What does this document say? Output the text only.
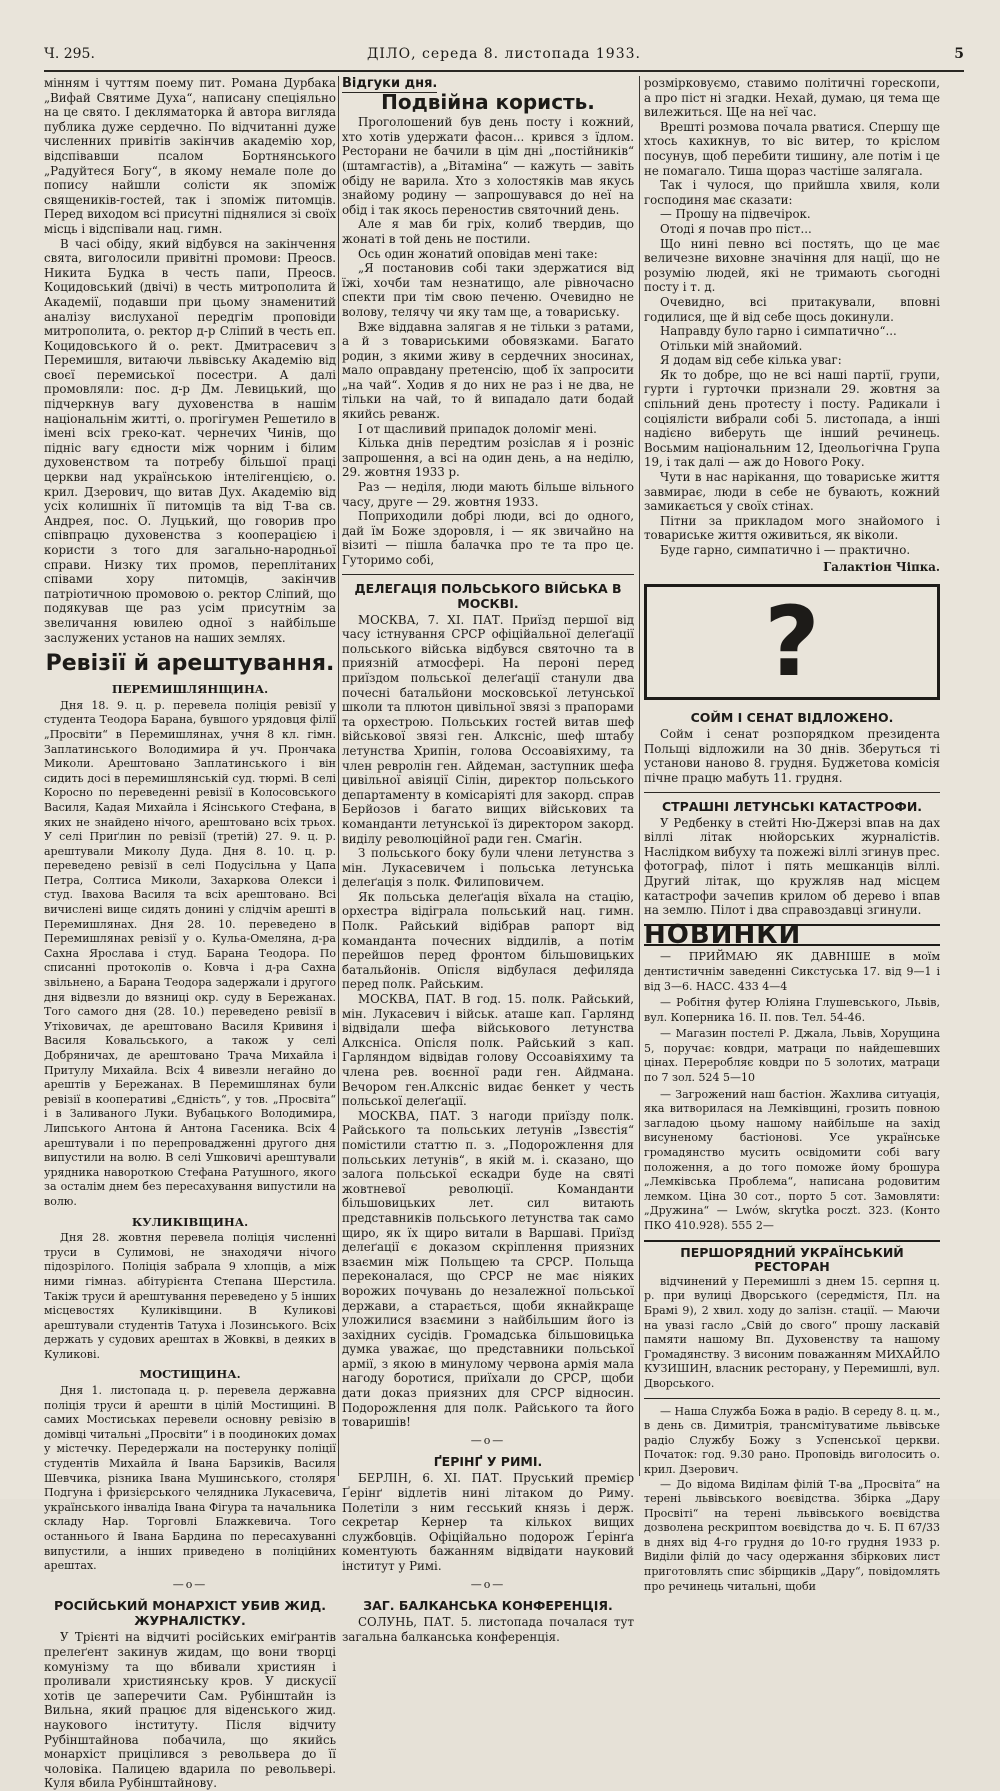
Ч. 295.	ДІЛО, середа 8. листопада 1933.	5

мінням і чуттям поему пит. Романа Дурбака „Вифай Святиме Духа“, написану спеціяльно на це свято. І декляматорка й автора вигляда публика дуже сердечно. По відчитанні дуже численних привітів закінчив академію хор, відспівавши псалом Бортнянського „Радуйтеся Богу“, в якому немале поле до попису найшли солісти як зпоміж священиків-гостей, так і зпоміж питомців. Перед виходом всі присутні піднялися зі своїх місць і відспівали нац. гимн.

В часі обіду, який відбувся на закінчення свята, виголосили привітні промови: Преосв. Никита Будка в честь папи, Преосв. Коцидовський (двічі) в честь митрополита й Академії, подавши при цьому знаменитий аналізу вислуханої передгім проповіди митрополита, о. ректор д-р Сліпий в честь еп. Коцидовського й о. рект. Дмитрасевич з Перемишля, витаючи львівську Академію від своєї перемиської посестри. А далі промовляли: пос. д-р Дм. Левицький, що підчеркнув вагу духовенства в нашім національнім житті, о. прогігумен Решетило в імені всіх греко-кат. чернечих Чинів, що підніс вагу єдности між чорним і білим духовенством та потребу більшої праці церкви над українською інтелігенцією, о. крил. Дзерович, що витав Дух. Академію від усіх колишніх її питомців та від Т-ва св. Андрея, пос. О. Луцький, що говорив про співпрацю духовенства з кооперацією і користи з того для загально-народньої справи. Низку тих промов, переплітаних співами хору питомців, закінчив патріотичною промовою о. ректор Сліпий, що подякував ще раз усім присутнім за звеличання ювилею одної з найбільше заслужених установ на наших землях.

Ревізії й арештування.
ПЕРЕМИШЛЯНЩИНА.

Дня 18. 9. ц. р. перевела поліція ревізії у студента Теодора Барана, бувшого урядовця філії „Просвіти“ в Перемишлянах, учня 8 кл. гімн. Заплатинського Володимира й уч. Прончака Миколи. Арештовано Заплатинського і він сидить досі в перемишлянській суд. тюрмі. В селі Коросно по переведенні ревізії в Колосовського Василя, Кадая Михайла і Ясінського Стефана, в яких не знайдено нічого, арештовано всіх трьох. У селі Приґлин по ревізії (третій) 27. 9. ц. р. арештували Миколу Дуда. Дня 8. 10. ц. р. переведено ревізії в селі Подусільна у Цапа Петра, Солтиса Миколи, Захаркова Олекси і студ. Івахова Василя та всіх арештовано. Всі вичислені вище сидять донині у слідчім арешті в Перемишлянах. Дня 28. 10. переведено в Перемишлянах ревізії у о. Кульа-Омеляна, д-ра Сахна Ярослава і студ. Барана Теодора. По списанні протоколів о. Ковча і д-ра Сахна звільнено, а Барана Теодора задержали і другого дня відвезли до вязниці окр. суду в Бережанах. Того самого дня (28. 10.) переведено ревізії в Утіховичах, де арештовано Василя Кривиня і Василя Ковальського, а також у селі Добряничах, де арештовано Трача Михайла і Притулу Михайла. Всіх 4 вивезли негайно до арештів у Бережанах. В Перемишлянах були ревізії в кооперативі „Єдність“, у тов. „Просвіта“ і в Заливаного Луки. Вубацького Володимира, Липського Антона й Антона Гасеника. Всіх 4 арештували і по перепровадженні другого дня випустили на волю. В селі Ушковичі арештували урядника навороткою Стефана Ратушного, якого за осталім днем без пересахування випустили на волю.

КУЛИКІВЩИНА.

Дня 28. жовтня перевела поліція численні труси в Сулимові, не знаходячи нічого підозрілого. Поліція забрала 9 хлопців, а між ними гімназ. абітурієнта Степана Шерстила. Такіж труси й арештування переведено у 5 інших місцевостях Куликівщини. В Куликові арештували студентів Татуха і Лозинського. Всіх держать у судових арештах в Жовкві, в деяких в Куликові.

МОСТИЩИНА.

Дня 1. листопада ц. р. перевела державна поліція труси й арешти в цілій Мостищині. В самих Мостиськах перевели основну ревізію в домівці читальні „Просвіти“ і в поодиноких домах у містечку. Передержали на постерунку поліції студентів Михайла й Івана Барзиків, Василя Шевчика, різника Івана Мушинського, столяря Подгуна і фризієрського челядника Лукасевича, українського інваліда Івана Фігура та начальника складу Нар. Торговлі Блажкевича. Того останнього й Івана Бардина по пересахуванні випустили, а інших приведено в поліційних арештах.

—o—
РОСІЙСЬКИЙ МОНАРХІСТ УБИВ ЖИД. ЖУРНАЛІСТКУ.

У Трієнті на відчиті російських еміґрантів прелеґент закинув жидам, що вони творці комунізму та що вбивали християн і проливали християнську кров. У дискусії хотів це заперечити Сам. Рубінштайн із Вильна, який працює для віденського жид. наукового інституту. Після відчиту Рубінштайнова побачила, що якийсь монархіст прицілився з револьвера до її чоловіка. Палицею вдарила по револьвері. Куля вбила Рубінштайнову.

Відгуки дня.
Подвійна користь.

Проголошений був день посту і кожний, хто хотів удержати фасон... крився з їдлом. Ресторани не бачили в цім дні „постійників“ (штамгастів), а „Вітаміна“ — кажуть — завіть обіду не варила. Хто з холостяків мав якусь знайому родину — запрошувався до неї на обід і так якось переностив святочний день.

Але я мав би гріх, колиб твердив, що жонаті в той день не постили.

Ось один жонатий оповідав мені таке:

„Я постановив собі таки здержатися від їжі, хочби там незнатищо, але рівночасно спекти при тім свою печеню. Очевидно не волову, телячу чи яку там ще, а товариську.

Вже віддавна залягав я не тільки з ратами, а й з товариськими обовязками. Багато родин, з якими живу в сердечних зносинах, мало оправдану претенсію, щоб їх запросити „на чай“. Ходив я до них не раз і не два, не тільки на чай, то й випадало дати бодай якийсь реванж.

І от щасливий припадок доломіг мені.

Кілька днів передтим розіслав я і розніс запрошення, а всі на один день, а на неділю, 29. жовтня 1933 р.

Раз — неділя, люди мають більше вільного часу, друге — 29. жовтня 1933.

Поприходили добрі люди, всі до одного, дай їм Боже здоровля, і — як звичайно на візиті — пішла балачка про те та про це. Гуторимо собі,

ДЕЛЕГАЦІЯ ПОЛЬСЬКОГО ВІЙСЬКА В МОСКВІ.

МОСКВА, 7. XI. ПАТ. Приїзд першої від часу істнування СРСР офіційальної делеґації польського війська відбувся святочно та в приязній атмосфері. На пероні перед приїздом польської делеґації станули два почесні батальйони московської летунської школи та плютон цивільної звязі з прапорами та орхестрою. Польських гостей витав шеф військової звязі ген. Алкснiс, шеф штабу летунства Хрипін, голова Оссоавіяхиму, та член ревролін ген. Айдеман, заступник шефа цивільної авіяції Сілін, директор польського департаменту в комісаріяті для закорд. справ Берйозов і багато вищих військових та команданти летунської їз директором закорд. виділу революційної ради ген. Смаґін.

З польського боку були члени летунства з мін. Лукасевичем і польська летунська делеґація з полк. Филиповичем.

Як польська делеґація вїхала на стацію, орхестра відіграла польський нац. гимн. Полк. Райський відібрав рапорт від команданта почесних віддилів, а потім перейшов перед фронтом більшовицьких батальйонів. Опісля відбулася дефиляда перед полк. Райським.

МОСКВА, ПАТ. В год. 15. полк. Райський, мін. Лукасевич і військ. аташе кап. Гарлянд відвідали шефа військового летунства Алксніса. Опісля полк. Райський з кап. Гарляндом відвідав голову Оссоавіяхиму та члена рев. воєнної ради ген. Айдмана. Вечором ген.Алкснiс видає бенкет у честь польської делеґації.

МОСКВА, ПАТ. З нагоди приїзду полк. Райського та польських летунів „Ізвєстія“ помістили статтю п. з. „Подорожлення для польських летунів“, в якій м. і. сказано, що залога польської ескадри буде на святі жовтневої революції. Команданти більшовицьких лет. сил витають представників польського летунства так само щиро, як їх щиро витали в Варшаві. Приїзд делеґації є доказом скріплення приязних взаємин між Польщею та СРСР. Польща переконалася, що СРСР не має ніяких ворожих почувань до незалежної польської держави, а старається, щоби якнайкраще уложилися взаємини з найбільшим його із західних сусідів. Громадська більшовицька думка уважає, що представники польської армії, з якою в минулому червона армія мала нагоду боротися, приїхали до СРСР, щоби дати доказ приязних для СРСР відносин. Подорожлення для полк. Райського та його товаришів!

—o—
ҐЕРІНҐ У РИМІ.

БЕРЛІН, 6. XI. ПАТ. Пруський премієр Ґерінґ відлетів нині літаком до Риму. Полетіли з ним гесський князь і держ. секретар Кернер та кількох вищих службовців. Офіційально подорож Ґерінґа коментують бажанням відвідати науковий інститут у Римі.

—o—
ЗАГ. БАЛКАНСЬКА КОНФЕРЕНЦІЯ.

СОЛУНЬ, ПАТ. 5. листопада почалася тут загальна балканська конференція.

розмірковуємо, ставимо політичні горескопи, а про піст ні згадки. Нехай, думаю, ця тема ще вилежиться. Ще на неї час.

Врешті розмова почала рватися. Спершу ще хтось кахикнув, то віс витер, то кріслом посунув, щоб перебити тишину, але потім і це не помагало. Тиша щораз частіше залягала.

Так і чулося, що прийшла хвиля, коли господиня має сказати:

— Прошу на підвечірок.

Отоді я почав про піст...

Що нині певно всі постять, що це має величезне виховне значіння для нації, що не розумію людей, які не тримають сьогодні посту і т. д.

Очевидно, всі притакували, вповні годилися, ще й від себе щось докинули.

Направду було гарно і симпатично“...

Отільки мій знайомий.

Я додам від себе кілька уваг:

Як то добре, що не всі наші партії, групи, гурти і гурточки признали 29. жовтня за спільний день протесту і посту. Радикали і соціялісти вибрали собі 5. листопада, а інші надієно виберуть ще інший речинець. Восьмим національним 12, Ідеольогічна Група 19, і так далі — аж до Нового Року.

Чути в нас нарікання, що товариське життя завмирає, люди в себе не бувають, кожний замикається у своїх стінах.

Пітни за прикладом мого знайомого і товариське життя оживиться, як віколи.

Буде гарно, симпатично і — практично.

Галактіон Чіпка.
?
СОЙМ І СЕНАТ ВІДЛОЖЕНО.

Сойм і сенат розпорядком президента Польщі відложили на 30 днів. Зберуться ті установи наново 8. грудня. Буджетова комісія пічне працю мабуть 11. грудня.

СТРАШНІ ЛЕТУНСЬКІ КАТАСТРОФИ.

У Редбенку в стейті Ню-Джерзі впав на дах віллі літак нюйорських журналістів. Наслідком вибуху та пожежі віллі згинув прес. фотограф, пілот і пять мешканців віллі. Другий літак, що кружляв над місцем катастрофи зачепив крилом об дерево і впав на землю. Пілот і два справоздавці згинули.

НОВИНКИ

— ПРИЙМАЮ ЯК ДАВНІШЕ в моїм дентистичнім заведенні Сикстуська 17. від 9—1 і від 3—6. НАСС. 433 4—4

— Робітня футер Юліяна Глушевського, Львів, вул. Коперника 16. II. пов. Тел. 54-46.

— Магазин постелі Р. Джала, Львів, Хорущина 5, поручає: ковдри, матраци по найдешевших цінах. Переробляє ковдри по 5 золотих, матраци по 7 зол. 524 5—10

— Загрожений наш бастіон. Жахлива ситуація, яка витворилася на Лемківщині, грозить повною загладою цьому нашому найбільше на захід висуненому бастіонові. Усе українське громадянство мусить освідомити собі вагу положення, а до того поможе йому брошура „Лемківська Проблема“, написана родовитим лемком. Ціна 30 сот., порто 5 сот. Замовляти: „Дружина“ — Lwów, skrytka poczt. 323. (Конто ПКО 410.928). 555 2—

ПЕРШОРЯДНИЙ УКРАЇНСЬКИЙ РЕСТОРАН

відчинений у Перемишлі з днем 15. серпня ц. р. при вулиці Дворського (середмістя, Пл. на Брамі 9), 2 хвил. ходу до залізн. стації. — Маючи на увазі гасло „Свій до свого“ прошу ласкавій памяти нашому Вп. Духовенству та нашому Громадянству. З висоним поважанням МИХАЙЛО КУЗИШИН, власник ресторану, у Перемишлі, вул. Дворського.

— Наша Служба Божа в радіо. В середу 8. ц. м., в день св. Димитрія, трансмітуватиме львівське радіо Службу Божу з Успенської церкви. Початок: год. 9.30 рано. Проповідь виголосить о. крил. Дзерович.

— До відома Виділам філій Т-ва „Просвіта“ на терені львівського воєвідства. Збірка „Дару Просвіті“ на терені львівського воєвідства дозволена рескриптом воєвідства до ч. Б. П 67/33 в днях від 4-го грудня до 10-го грудня 1933 р. Виділи філій до часу одержання збіркових лист приготовлять спис збірщиків „Дару“, повідомлять про речинець читальні, щоби
